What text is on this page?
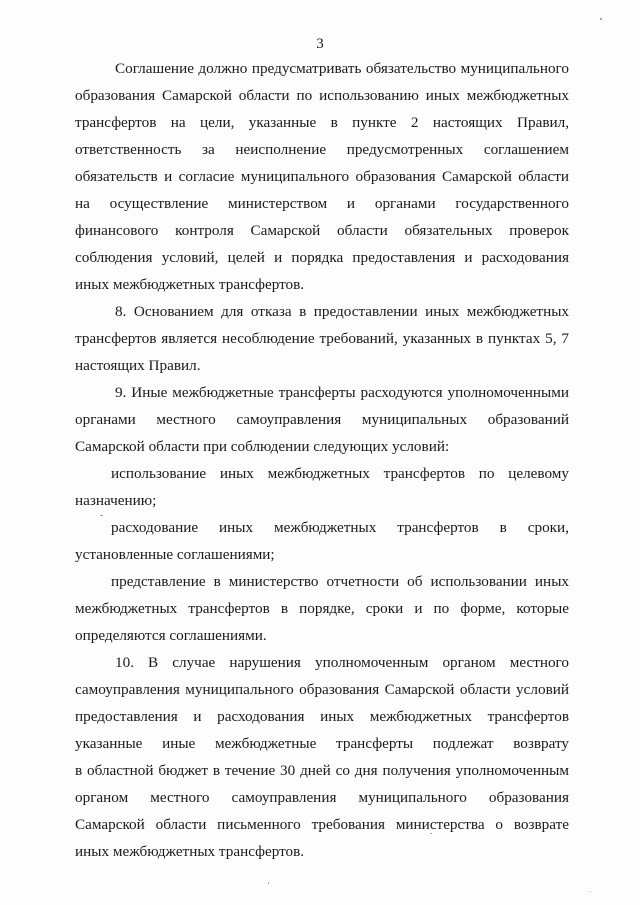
3
Соглашение должно предусматривать обязательство муниципального
образования Самарской области по использованию иных межбюджетных
трансфертов на цели, указанные в пункте 2 настоящих Правил,
ответственность за неисполнение предусмотренных соглашением
обязательств и согласие муниципального образования Самарской области
на осуществление министерством и органами государственного
финансового контроля Самарской области обязательных проверок
соблюдения условий, целей и порядка предоставления и расходования
иных межбюджетных трансфертов.
8. Основанием для отказа в предоставлении иных межбюджетных
трансфертов является несоблюдение требований, указанных в пунктах 5, 7
настоящих Правил.
9. Иные межбюджетные трансферты расходуются уполномоченными
органами местного самоуправления муниципальных образований
Самарской области при соблюдении следующих условий:
использование иных межбюджетных трансфертов по целевому
назначению;
расходование иных межбюджетных трансфертов в сроки,
установленные соглашениями;
представление в министерство отчетности об использовании иных
межбюджетных трансфертов в порядке, сроки и по форме, которые
определяются соглашениями.
10. В случае нарушения уполномоченным органом местного
самоуправления муниципального образования Самарской области условий
предоставления и расходования иных межбюджетных трансфертов
указанные иные межбюджетные трансферты подлежат возврату
в областной бюджет в течение 30 дней со дня получения уполномоченным
органом местного самоуправления муниципального образования
Самарской области письменного требования министерства о возврате
иных межбюджетных трансфертов.
